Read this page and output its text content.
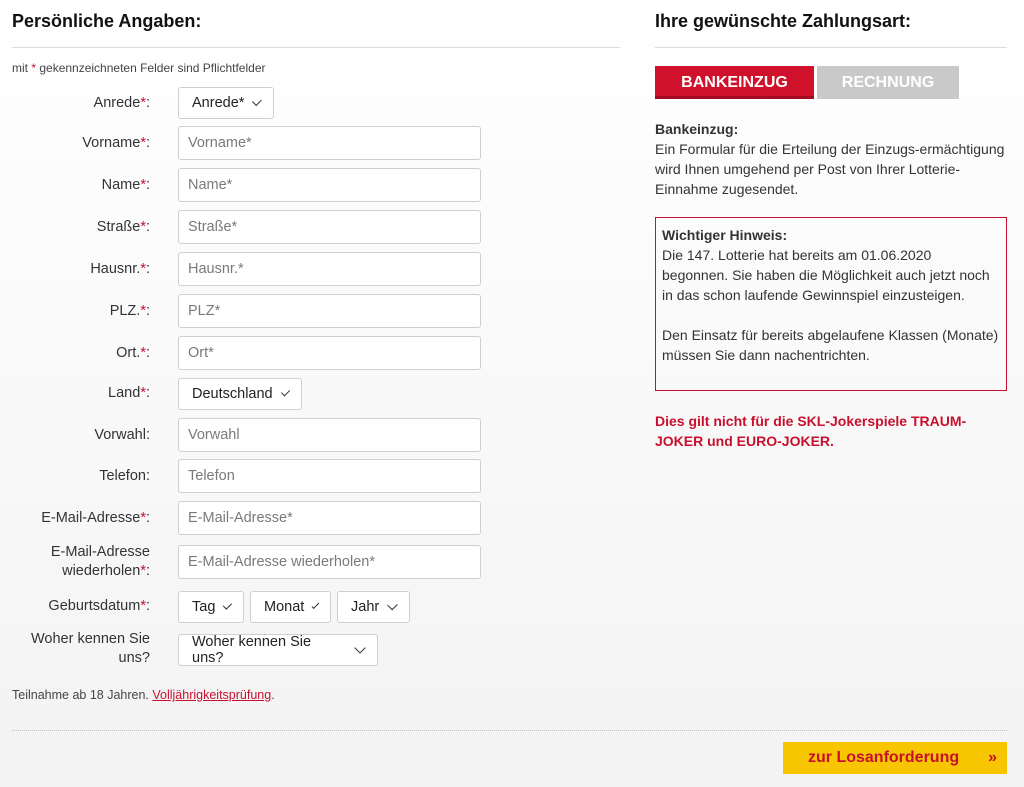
Persönliche Angaben:
mit * gekennzeichneten Felder sind Pflichtfelder
Anrede*:	Anrede*
Vorname*:
Vorname*
Name*:
Name*
Straße*:
Straße*
Hausnr.*:
Hausnr.*
PLZ.*:
PLZ*
Ort.*:
Ort*
Land*:	Deutschland
Vorwahl:
Vorwahl
Telefon:
Telefon
E-Mail-Adresse*:
E-Mail-Adresse*
E-Mail-Adresse
wiederholen*:
E-Mail-Adresse wiederholen*
Geburtsdatum*:	Tag	Monat	Jahr
Woher kennen Sie
uns?
Woher kennen Sie uns?
Teilnahme ab 18 Jahren. Volljährigkeitsprüfung.
Ihre gewünschte Zahlungsart:
BANKEINZUG	RECHNUNG
Bankeinzug:
Ein Formular für die Erteilung der Einzugs-ermächtigung wird Ihnen umgehend per Post von Ihrer Lotterie-Einnahme zugesendet.
Wichtiger Hinweis:
Die 147. Lotterie hat bereits am 01.06.2020 begonnen. Sie haben die Möglichkeit auch jetzt noch in das schon laufende Gewinnspiel einzusteigen.
Den Einsatz für bereits abgelaufene Klassen (Monate) müssen Sie dann nachentrichten.
Dies gilt nicht für die SKL-Jokerspiele TRAUM-JOKER und EURO-JOKER.
zur Losanforderung »
